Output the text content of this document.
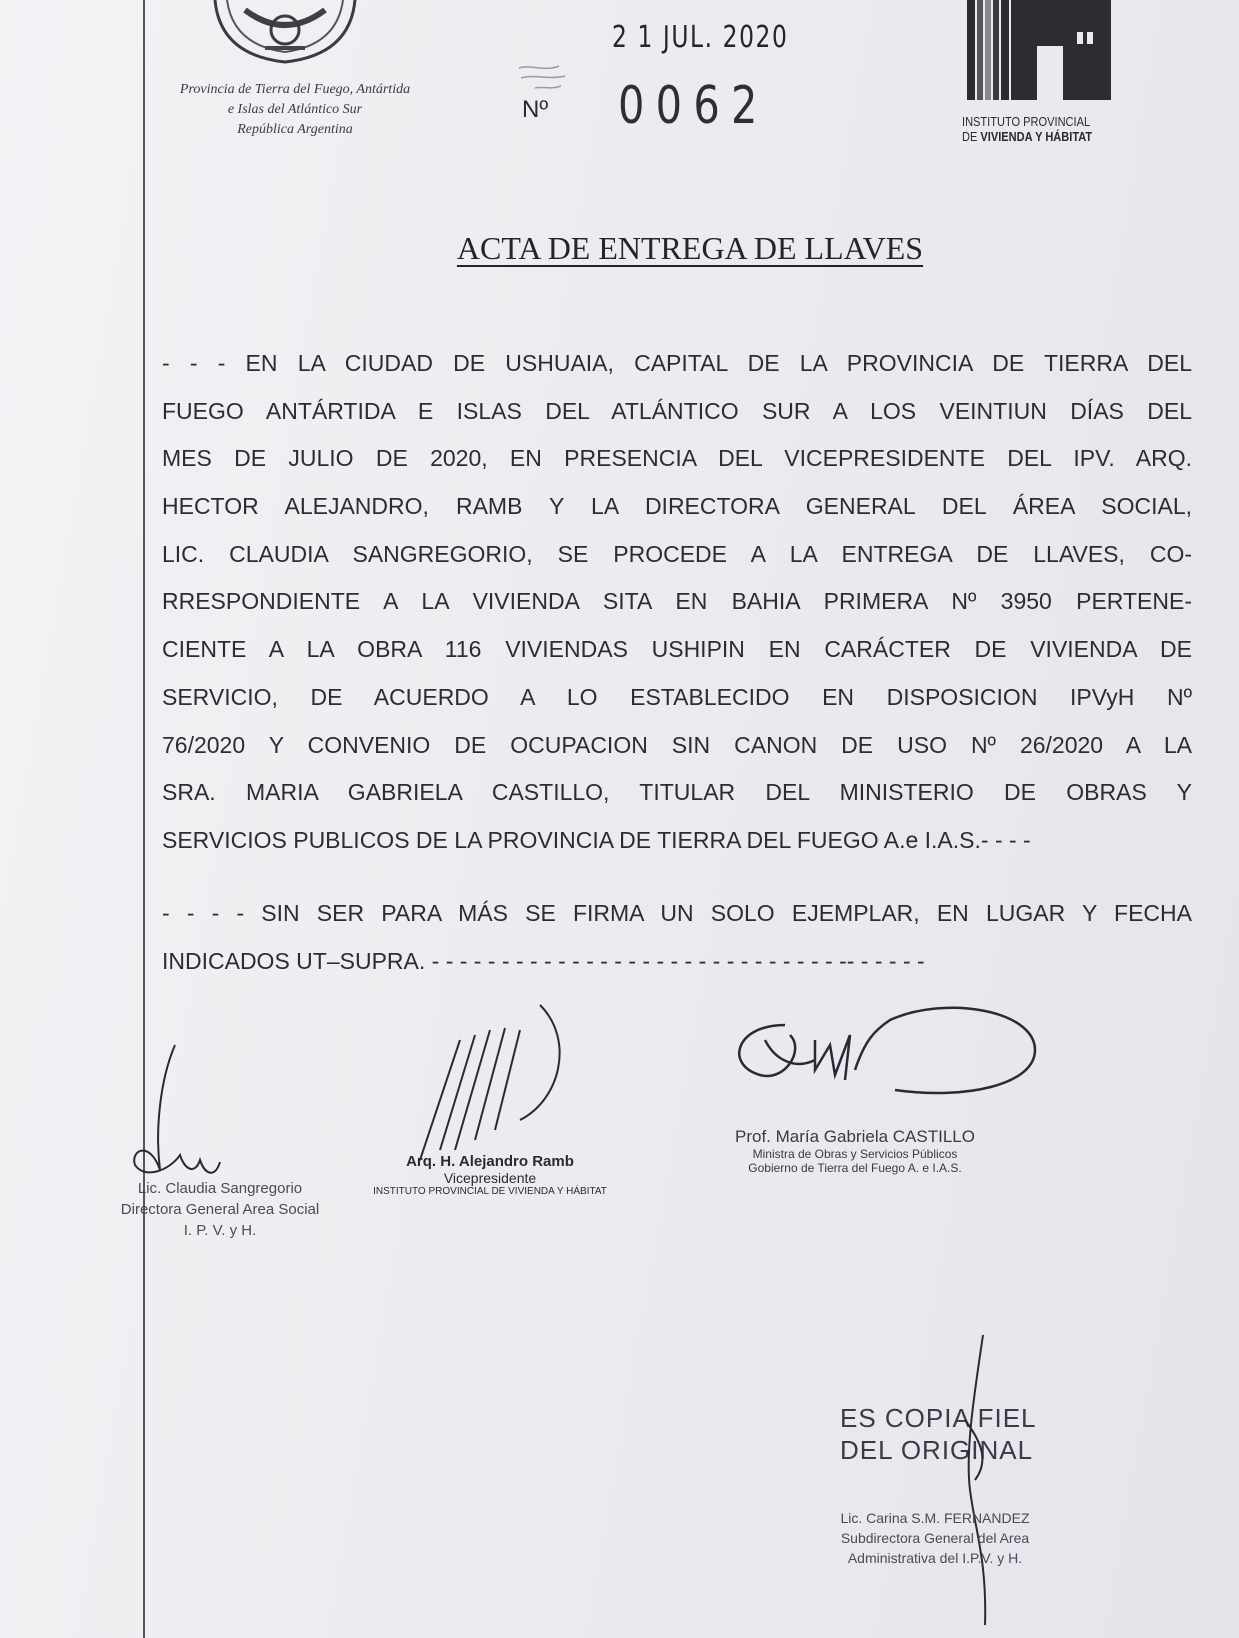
Provincia de Tierra del Fuego, Antártida
e Islas del Atlántico Sur
República Argentina
2 1 JUL. 2020
Nº 0062	INSTITUTO PROVINCIAL
DE VIVIENDA Y HÁBITAT
ACTA DE ENTREGA DE LLAVES
- - - EN LA CIUDAD DE USHUAIA, CAPITAL DE LA PROVINCIA DE TIERRA DEL
FUEGO ANTÁRTIDA E ISLAS DEL ATLÁNTICO SUR A LOS VEINTIUN DÍAS DEL
MES DE JULIO DE 2020, EN PRESENCIA DEL VICEPRESIDENTE DEL IPV. ARQ.
HECTOR ALEJANDRO, RAMB Y LA DIRECTORA GENERAL DEL ÁREA SOCIAL,
LIC. CLAUDIA SANGREGORIO, SE PROCEDE A LA ENTREGA DE LLAVES, CO-
RRESPONDIENTE A LA VIVIENDA SITA EN BAHIA PRIMERA Nº 3950 PERTENE-
CIENTE A LA OBRA 116 VIVIENDAS USHIPIN EN CARÁCTER DE VIVIENDA DE
SERVICIO, DE ACUERDO A LO ESTABLECIDO EN DISPOSICION IPVyH Nº
76/2020 Y CONVENIO DE OCUPACION SIN CANON DE USO Nº 26/2020 A LA
SRA. MARIA GABRIELA CASTILLO, TITULAR DEL MINISTERIO DE OBRAS Y
SERVICIOS PUBLICOS DE LA PROVINCIA DE TIERRA DEL FUEGO A.e I.A.S.- - - -
- - - - SIN SER PARA MÁS SE FIRMA UN SOLO EJEMPLAR, EN LUGAR Y FECHA
INDICADOS UT–SUPRA. - - - - - - - - - - - - - - - - - - - - - - - - - - - - - -- - - - - -
Lic. Claudia Sangregorio
Directora General Area Social
I. P. V. y H.
Arq. H. Alejandro Ramb
Vicepresidente
INSTITUTO PROVINCIAL DE VIVIENDA Y HÁBITAT
Prof. María Gabriela CASTILLO
Ministra de Obras y Servicios Públicos
Gobierno de Tierra del Fuego A. e I.A.S.
ES COPIA FIEL
DEL ORIGINAL
Lic. Carina S.M. FERNANDEZ
Subdirectora General del Area
Administrativa del I.P.V. y H.
